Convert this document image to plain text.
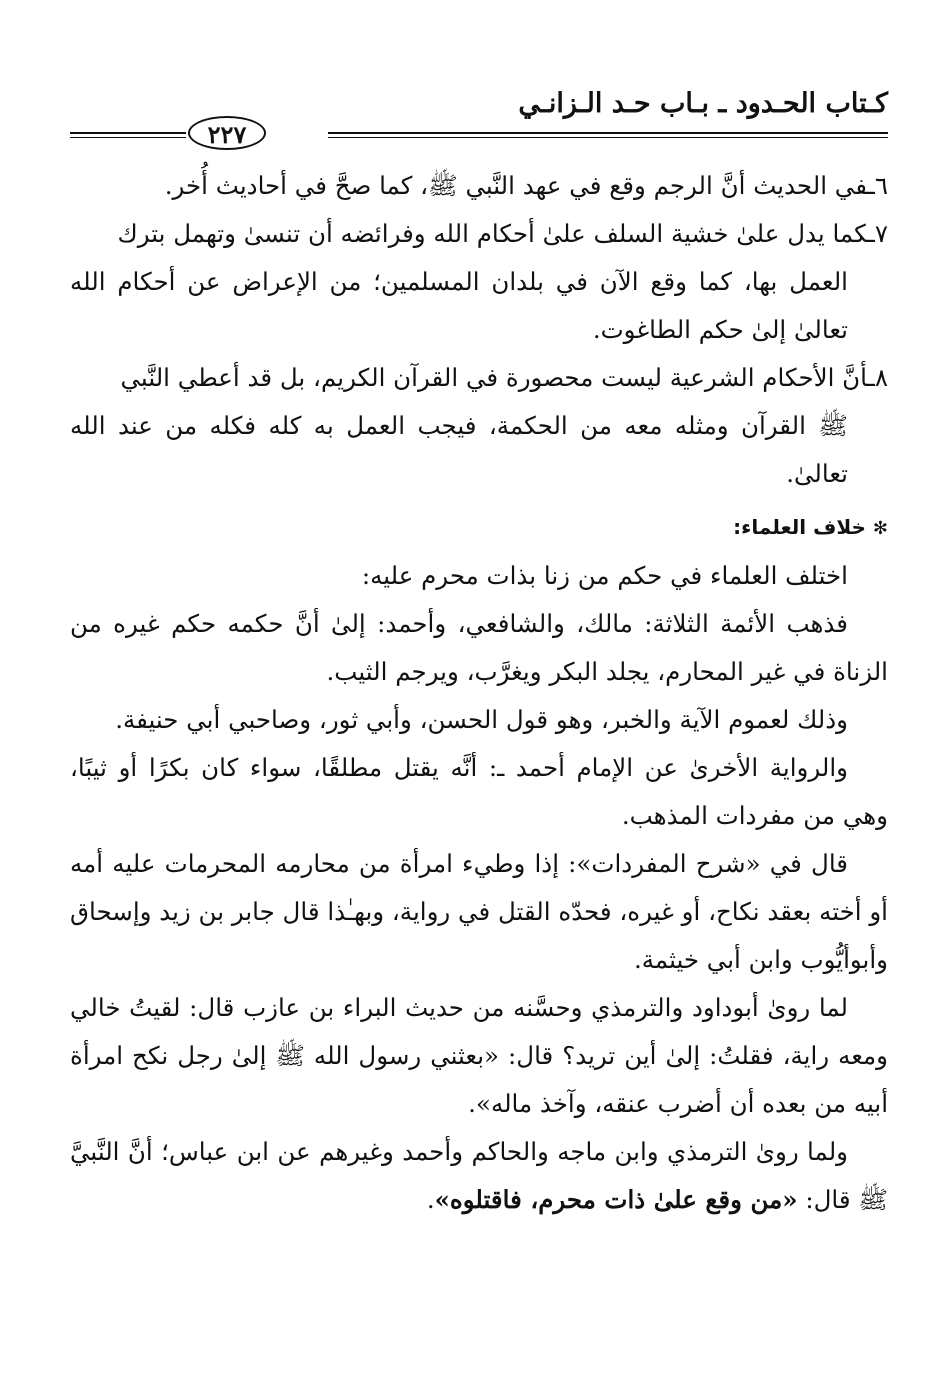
كـتاب الحـدود ـ بـاب حـد الـزانـي
٢٢٧

٦ـفي الحديث أنَّ الرجم وقع في عهد النَّبي ﷺ، كما صحَّ في أحاديث أُخر.

٧ـكما يدل علىٰ خشية السلف علىٰ أحكام الله وفرائضه أن تنسىٰ وتهمل بترك

العمل بها، كما وقع الآن في بلدان المسلمين؛ من الإعراض عن أحكام الله تعالىٰ إلىٰ حكم الطاغوت.

٨ـأنَّ الأحكام الشرعية ليست محصورة في القرآن الكريم، بل قد أعطي النَّبي

ﷺ القرآن ومثله معه من الحكمة، فيجب العمل به كله فكله من عند الله تعالىٰ.

✻ خلاف العلماء:

اختلف العلماء في حكم من زنا بذات محرم عليه:

فذهب الأئمة الثلاثة: مالك، والشافعي، وأحمد: إلىٰ أنَّ حكمه حكم غيره من الزناة في غير المحارم، يجلد البكر ويغرَّب، ويرجم الثيب.

وذلك لعموم الآية والخبر، وهو قول الحسن، وأبي ثور، وصاحبي أبي حنيفة.

والرواية الأخرىٰ عن الإمام أحمد ـ: أنَّه يقتل مطلقًا، سواء كان بكرًا أو ثيبًا، وهي من مفردات المذهب.

قال في «شرح المفردات»: إذا وطيء امرأة من محارمه المحرمات عليه أمه أو أخته بعقد نكاح، أو غيره، فحدّه القتل في رواية، وبهـٰذا قال جابر بن زيد وإسحاق وأبوأيُّوب وابن أبي خيثمة.

لما روىٰ أبوداود والترمذي وحسَّنه من حديث البراء بن عازب قال: لقيتُ خالي ومعه راية، فقلتُ: إلىٰ أين تريد؟ قال: «بعثني رسول الله ﷺ إلىٰ رجل نكح امرأة أبيه من بعده أن أضرب عنقه، وآخذ ماله».

ولما روىٰ الترمذي وابن ماجه والحاكم وأحمد وغيرهم عن ابن عباس؛ أنَّ النَّبيَّ ﷺ قال: «من وقع علىٰ ذات محرم، فاقتلوه».
